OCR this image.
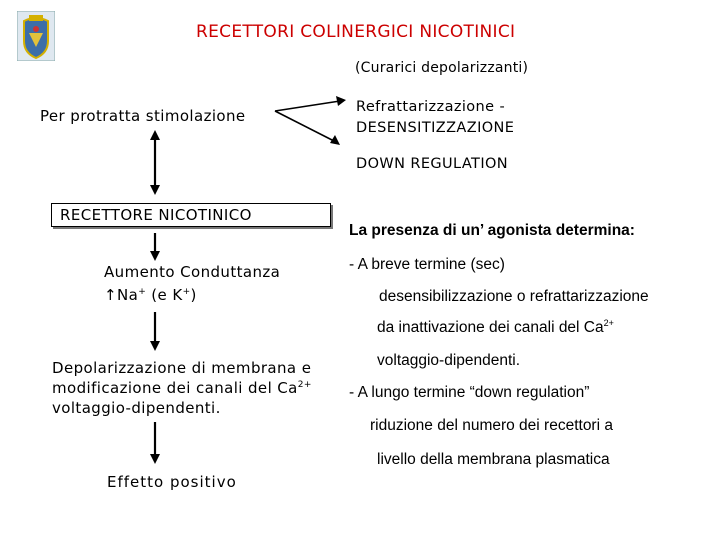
RECETTORI COLINERGICI NICOTINICI
(Curarici depolarizzanti)
Per protratta stimolazione
RECETTORE NICOTINICO
Aumento Conduttanza
↑Na+ (e K+)
Depolarizzazione di membrana e
modificazione dei canali del $Ca^{2+}$
voltaggio-dipendenti.
Effetto positivo
Refrattarizzazione -
DESENSITIZZAZIONE
DOWN REGULATION
La presenza di un’ agonista determina:
- A breve termine (sec)
desensibilizzazione o refrattarizzazione
da inattivazione dei canali del $Ca^{2+}$
voltaggio-dipendenti.
- A lungo termine “down regulation”
riduzione del numero dei recettori a
livello della membrana plasmatica
